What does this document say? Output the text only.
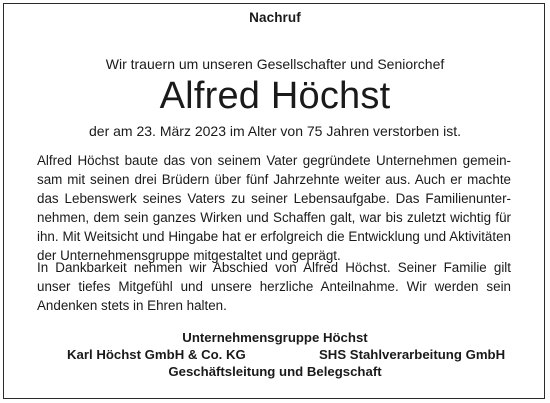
Nachruf
Wir trauern um unseren Gesellschafter und Seniorchef
Alfred Höchst
der am 23. März 2023 im Alter von 75 Jahren verstorben ist.
Alfred Höchst baute das von seinem Vater gegründete Unternehmen gemein-
sam mit seinen drei Brüdern über fünf Jahrzehnte weiter aus. Auch er machte
das Lebenswerk seines Vaters zu seiner Lebensaufgabe. Das Familienunter-
nehmen, dem sein ganzes Wirken und Schaffen galt, war bis zuletzt wichtig für
ihn. Mit Weitsicht und Hingabe hat er erfolgreich die Entwicklung und Aktivitäten
der Unternehmensgruppe mitgestaltet und geprägt.
In Dankbarkeit nehmen wir Abschied von Alfred Höchst. Seiner Familie gilt
unser tiefes Mitgefühl und unsere herzliche Anteilnahme. Wir werden sein
Andenken stets in Ehren halten.
Unternehmensgruppe Höchst
Karl Höchst GmbH & Co. KG	SHS Stahlverarbeitung GmbH
Geschäftsleitung und Belegschaft
